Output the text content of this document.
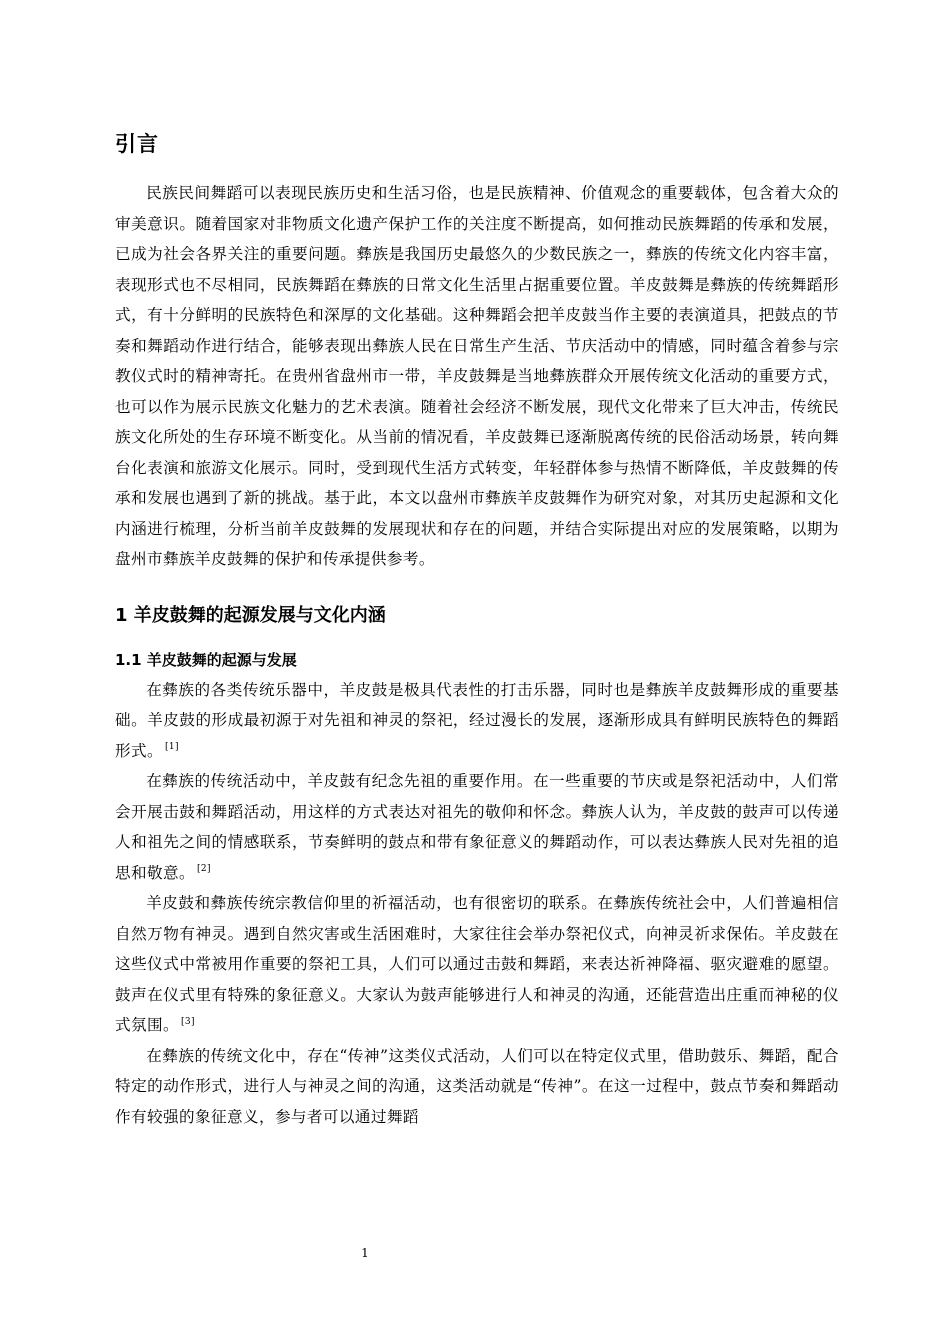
引言

民族民间舞蹈可以表现民族历史和生活习俗，也是民族精神、价值观念的重要载体，包含着大众的审美意识。随着国家对非物质文化遗产保护工作的关注度不断提高，如何推动民族舞蹈的传承和发展，已成为社会各界关注的重要问题。彝族是我国历史最悠久的少数民族之一，彝族的传统文化内容丰富，表现形式也不尽相同，民族舞蹈在彝族的日常文化生活里占据重要位置。羊皮鼓舞是彝族的传统舞蹈形式，有十分鲜明的民族特色和深厚的文化基础。这种舞蹈会把羊皮鼓当作主要的表演道具，把鼓点的节奏和舞蹈动作进行结合，能够表现出彝族人民在日常生产生活、节庆活动中的情感，同时蕴含着参与宗教仪式时的精神寄托。在贵州省盘州市一带，羊皮鼓舞是当地彝族群众开展传统文化活动的重要方式，也可以作为展示民族文化魅力的艺术表演。随着社会经济不断发展，现代文化带来了巨大冲击，传统民族文化所处的生存环境不断变化。从当前的情况看，羊皮鼓舞已逐渐脱离传统的民俗活动场景，转向舞台化表演和旅游文化展示。同时，受到现代生活方式转变，年轻群体参与热情不断降低，羊皮鼓舞的传承和发展也遇到了新的挑战。基于此，本文以盘州市彝族羊皮鼓舞作为研究对象，对其历史起源和文化内涵进行梳理，分析当前羊皮鼓舞的发展现状和存在的问题，并结合实际提出对应的发展策略，以期为盘州市彝族羊皮鼓舞的保护和传承提供参考。

1 羊皮鼓舞的起源发展与文化内涵
1.1 羊皮鼓舞的起源与发展

在彝族的各类传统乐器中，羊皮鼓是极具代表性的打击乐器，同时也是彝族羊皮鼓舞形成的重要基础。羊皮鼓的形成最初源于对先祖和神灵的祭祀，经过漫长的发展，逐渐形成具有鲜明民族特色的舞蹈形式。 [1]

在彝族的传统活动中，羊皮鼓有纪念先祖的重要作用。在一些重要的节庆或是祭祀活动中，人们常会开展击鼓和舞蹈活动，用这样的方式表达对祖先的敬仰和怀念。彝族人认为，羊皮鼓的鼓声可以传递人和祖先之间的情感联系，节奏鲜明的鼓点和带有象征意义的舞蹈动作，可以表达彝族人民对先祖的追思和敬意。 [2]

羊皮鼓和彝族传统宗教信仰里的祈福活动，也有很密切的联系。在彝族传统社会中，人们普遍相信自然万物有神灵。遇到自然灾害或生活困难时，大家往往会举办祭祀仪式，向神灵祈求保佑。羊皮鼓在这些仪式中常被用作重要的祭祀工具，人们可以通过击鼓和舞蹈，来表达祈神降福、驱灾避难的愿望。鼓声在仪式里有特殊的象征意义。大家认为鼓声能够进行人和神灵的沟通，还能营造出庄重而神秘的仪式氛围。 [3]

在彝族的传统文化中，存在“传神”这类仪式活动，人们可以在特定仪式里，借助鼓乐、舞蹈，配合特定的动作形式，进行人与神灵之间的沟通，这类活动就是“传神”。在这一过程中，鼓点节奏和舞蹈动作有较强的象征意义，参与者可以通过舞蹈

1
